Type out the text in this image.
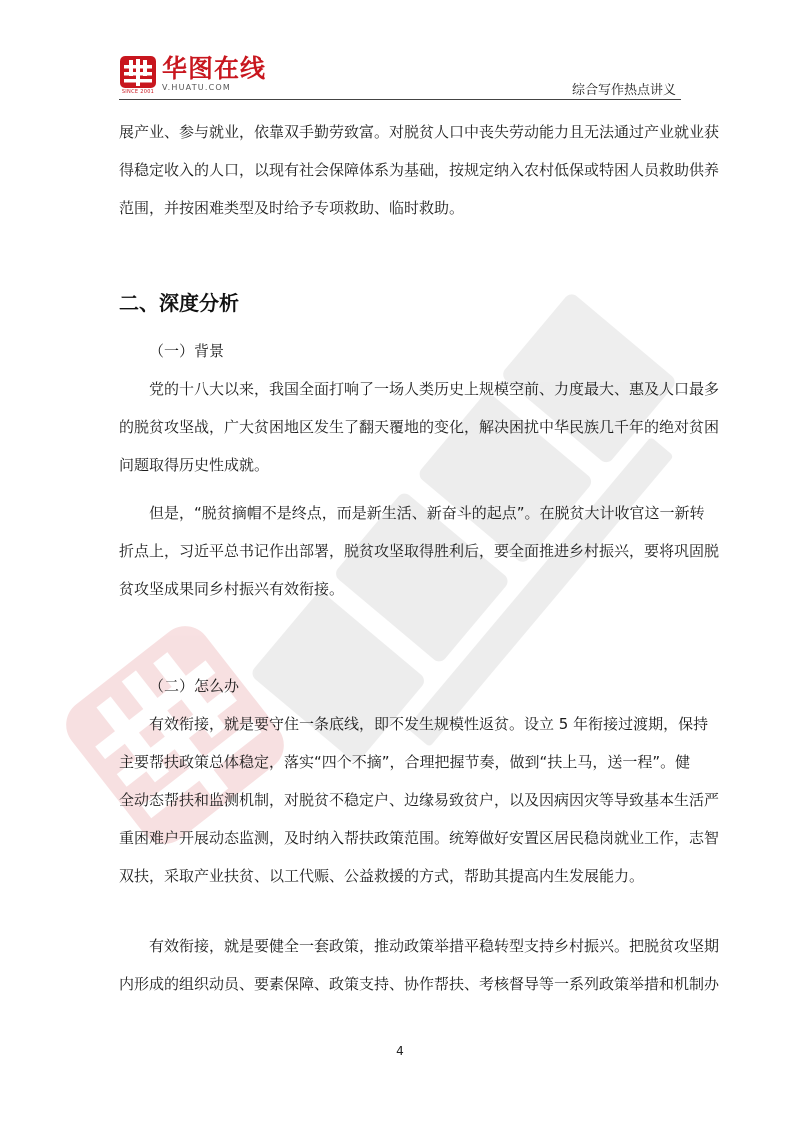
SINCE 2001
华图在线
V.HUATU.COM	综合写作热点讲义
展产业、参与就业，依靠双手勤劳致富。对脱贫人口中丧失劳动能力且无法通过产业就业获
得稳定收入的人口，以现有社会保障体系为基础，按规定纳入农村低保或特困人员救助供养
范围，并按困难类型及时给予专项救助、临时救助。
二、深度分析
（一）背景
党的十八大以来，我国全面打响了一场人类历史上规模空前、力度最大、惠及人口最多
的脱贫攻坚战，广大贫困地区发生了翻天覆地的变化，解决困扰中华民族几千年的绝对贫困
问题取得历史性成就。
但是，“脱贫摘帽不是终点，而是新生活、新奋斗的起点”。在脱贫大计收官这一新转
折点上，习近平总书记作出部署，脱贫攻坚取得胜利后，要全面推进乡村振兴，要将巩固脱
贫攻坚成果同乡村振兴有效衔接。
（二）怎么办
有效衔接，就是要守住一条底线，即不发生规模性返贫。设立 5 年衔接过渡期，保持
主要帮扶政策总体稳定，落实“四个不摘”，合理把握节奏，做到“扶上马，送一程”。健
全动态帮扶和监测机制，对脱贫不稳定户、边缘易致贫户，以及因病因灾等导致基本生活严
重困难户开展动态监测，及时纳入帮扶政策范围。统筹做好安置区居民稳岗就业工作，志智
双扶，采取产业扶贫、以工代赈、公益救援的方式，帮助其提高内生发展能力。
有效衔接，就是要健全一套政策，推动政策举措平稳转型支持乡村振兴。把脱贫攻坚期
内形成的组织动员、要素保障、政策支持、协作帮扶、考核督导等一系列政策举措和机制办
4
